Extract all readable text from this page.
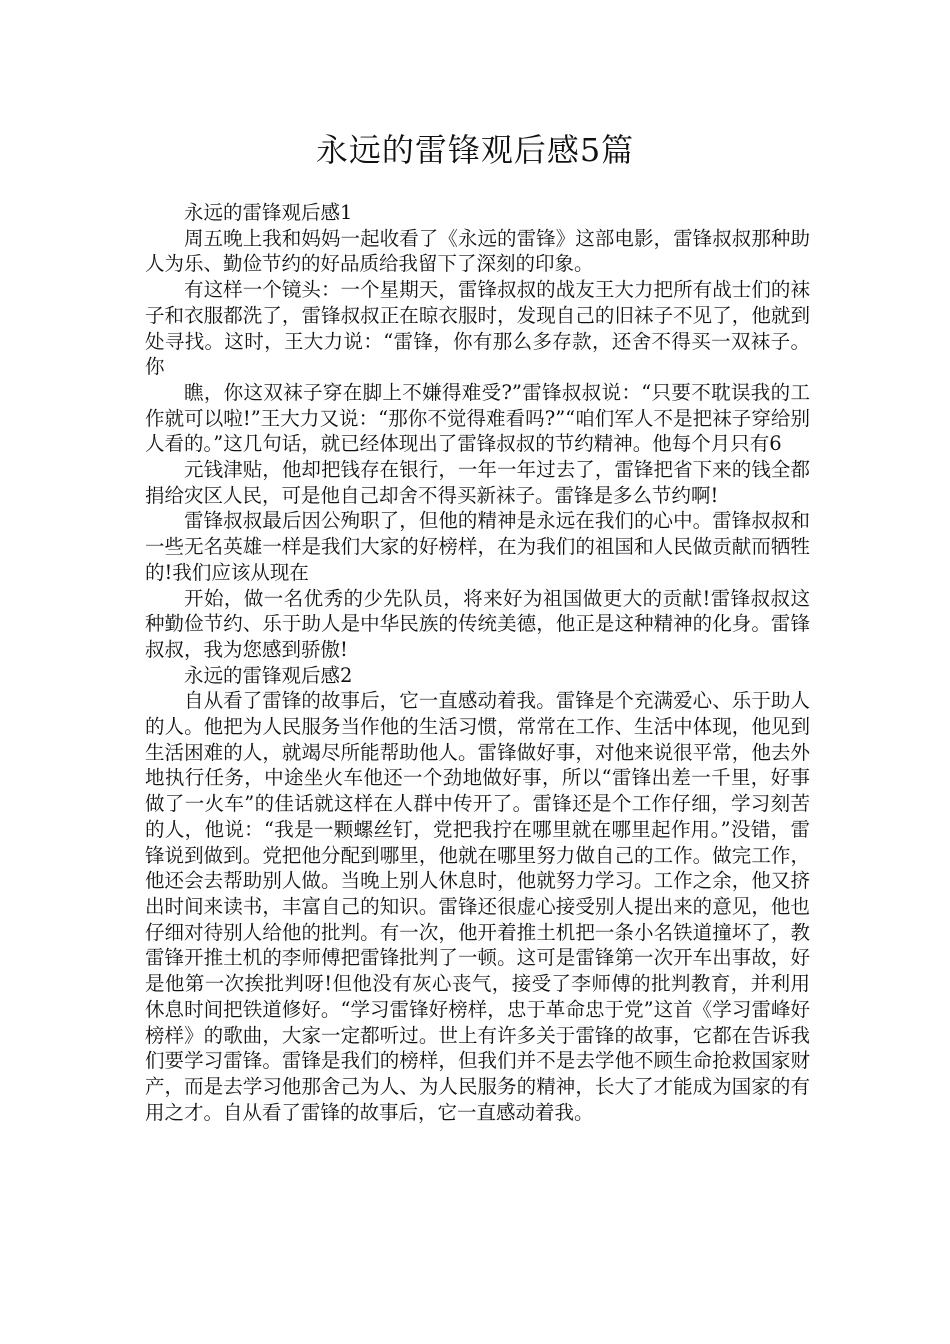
永远的雷锋观后感5篇

永远的雷锋观后感1

周五晚上我和妈妈一起收看了《永远的雷锋》这部电影，雷锋叔叔那种助人为乐、勤俭节约的好品质给我留下了深刻的印象。

有这样一个镜头：一个星期天，雷锋叔叔的战友王大力把所有战士们的袜子和衣服都洗了，雷锋叔叔正在晾衣服时，发现自己的旧袜子不见了，他就到处寻找。这时，王大力说：“雷锋，你有那么多存款，还舍不得买一双袜子。你

瞧，你这双袜子穿在脚上不嫌得难受?”雷锋叔叔说：“只要不耽误我的工作就可以啦!”王大力又说：“那你不觉得难看吗?”“咱们军人不是把袜子穿给别人看的。”这几句话，就已经体现出了雷锋叔叔的节约精神。他每个月只有6

元钱津贴，他却把钱存在银行，一年一年过去了，雷锋把省下来的钱全都捐给灾区人民，可是他自己却舍不得买新袜子。雷锋是多么节约啊!

雷锋叔叔最后因公殉职了，但他的精神是永远在我们的心中。雷锋叔叔和一些无名英雄一样是我们大家的好榜样，在为我们的祖国和人民做贡献而牺牲的!我们应该从现在

开始，做一名优秀的少先队员，将来好为祖国做更大的贡献!雷锋叔叔这种勤俭节约、乐于助人是中华民族的传统美德，他正是这种精神的化身。雷锋叔叔，我为您感到骄傲!

永远的雷锋观后感2

自从看了雷锋的故事后，它一直感动着我。雷锋是个充满爱心、乐于助人的人。他把为人民服务当作他的生活习惯，常常在工作、生活中体现，他见到生活困难的人，就竭尽所能帮助他人。雷锋做好事，对他来说很平常，他去外地执行任务，中途坐火车他还一个劲地做好事，所以“雷锋出差一千里，好事做了一火车”的佳话就这样在人群中传开了。雷锋还是个工作仔细，学习刻苦的人，他说：“我是一颗螺丝钉，党把我拧在哪里就在哪里起作用。”没错，雷锋说到做到。党把他分配到哪里，他就在哪里努力做自己的工作。做完工作，他还会去帮助别人做。当晚上别人休息时，他就努力学习。工作之余，他又挤出时间来读书，丰富自己的知识。雷锋还很虚心接受别人提出来的意见，他也仔细对待别人给他的批判。有一次，他开着推土机把一条小名铁道撞坏了，教雷锋开推土机的李师傅把雷锋批判了一顿。这可是雷锋第一次开车出事故，好是他第一次挨批判呀!但他没有灰心丧气，接受了李师傅的批判教育，并利用休息时间把铁道修好。“学习雷锋好榜样，忠于革命忠于党”这首《学习雷峰好榜样》的歌曲，大家一定都听过。世上有许多关于雷锋的故事，它都在告诉我们要学习雷锋。雷锋是我们的榜样，但我们并不是去学他不顾生命抢救国家财产，而是去学习他那舍己为人、为人民服务的精神，长大了才能成为国家的有用之才。自从看了雷锋的故事后，它一直感动着我。
